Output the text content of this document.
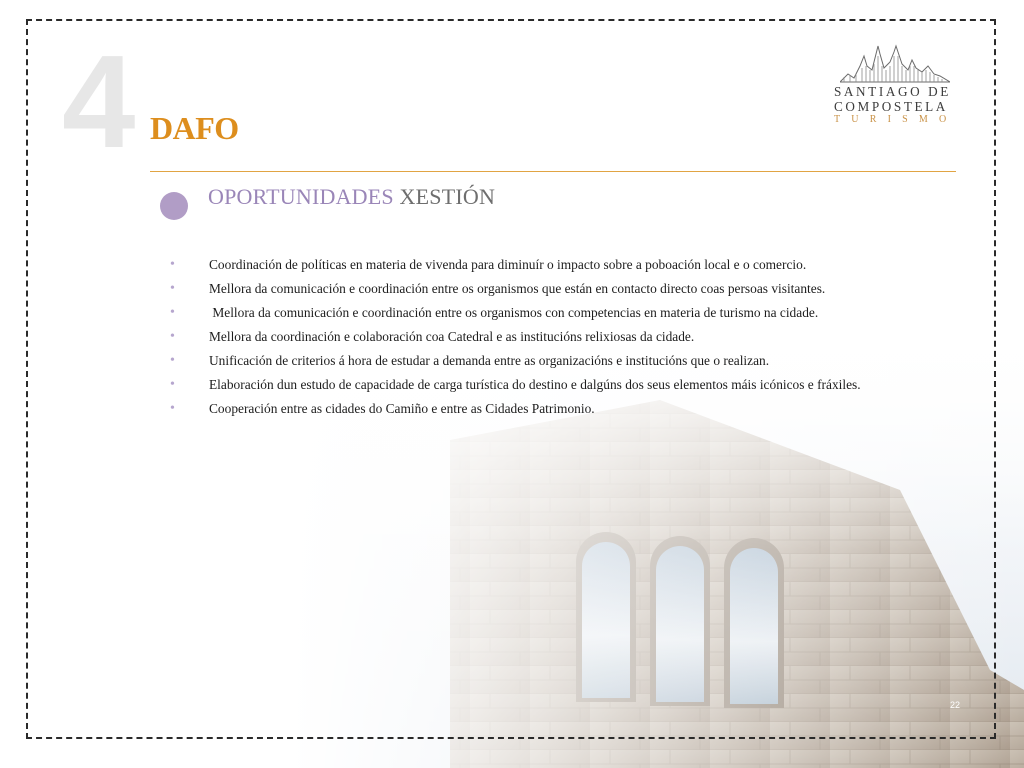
4 DAFO
SANTIAGO DE
COMPOSTELA
TURISMO
OPORTUNIDADES XESTIÓN
•	Coordinación de políticas en materia de vivenda para diminuír o impacto sobre a poboación local e o comercio.
•	Mellora da comunicación e coordinación entre os organismos que están en contacto directo coas persoas visitantes.
•	Mellora da comunicación e coordinación entre os organismos con competencias en materia de turismo na cidade.
•	Mellora da coordinación e colaboración coa Catedral e as institucións relixiosas da cidade.
•	Unificación de criterios á hora de estudar a demanda entre as organizacións e institucións que o realizan.
•	Elaboración dun estudo de capacidade de carga turística do destino e dalgúns dos seus elementos máis icónicos e fráxiles.
•	Cooperación entre as cidades do Camiño e entre as Cidades Patrimonio.
22
